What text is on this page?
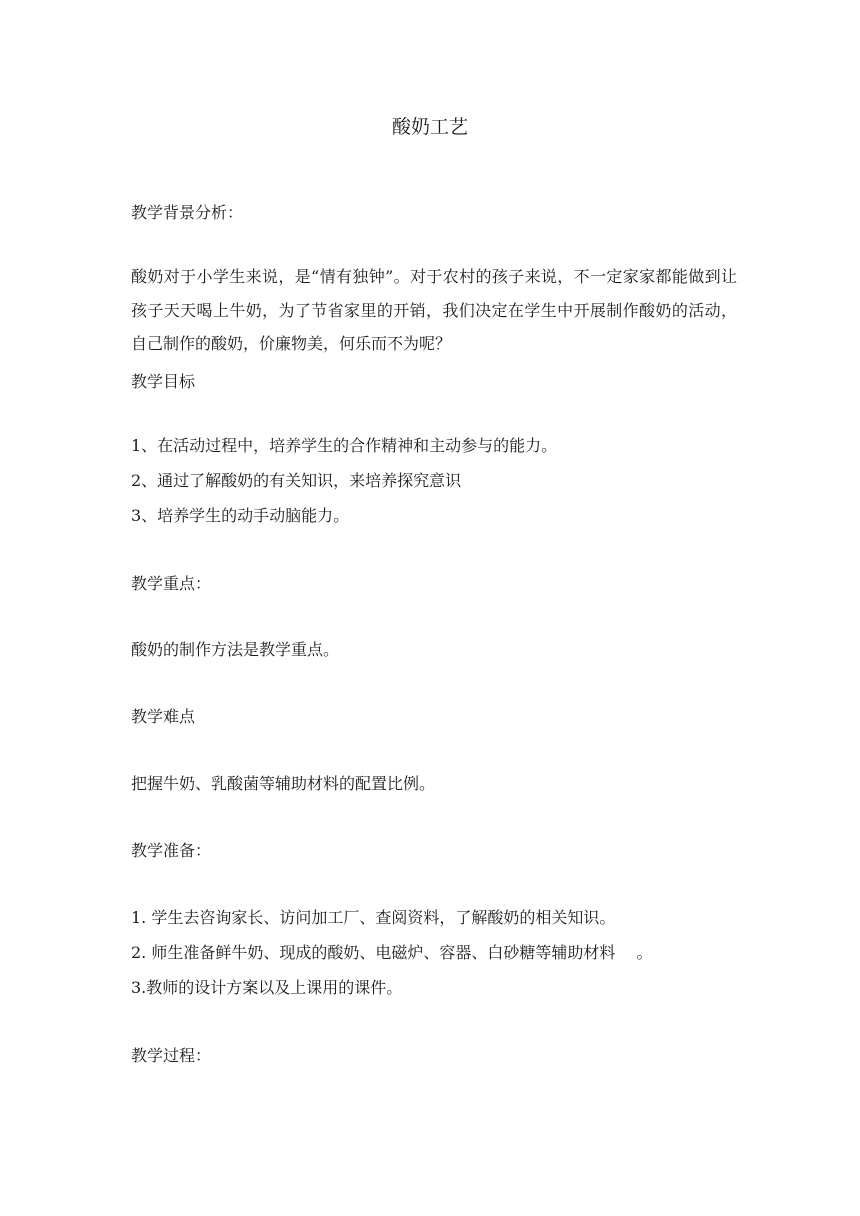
酸奶工艺
教学背景分析：
酸奶对于小学生来说，是“情有独钟”。对于农村的孩子来说，不一定家家都能做到让孩子天天喝上牛奶，为了节省家里的开销，我们决定在学生中开展制作酸奶的活动，自己制作的酸奶，价廉物美，何乐而不为呢？
教学目标
1、在活动过程中，培养学生的合作精神和主动参与的能力。
2、通过了解酸奶的有关知识，来培养探究意识
3、培养学生的动手动脑能力。
教学重点：
酸奶的制作方法是教学重点。
教学难点
把握牛奶、乳酸菌等辅助材料的配置比例。
教学准备：
1. 学生去咨询家长、访问加工厂、查阅资料，了解酸奶的相关知识。
2. 师生准备鲜牛奶、现成的酸奶、电磁炉、容器、白砂糖等辅助材料 　。
3.教师的设计方案以及上课用的课件。
教学过程：
